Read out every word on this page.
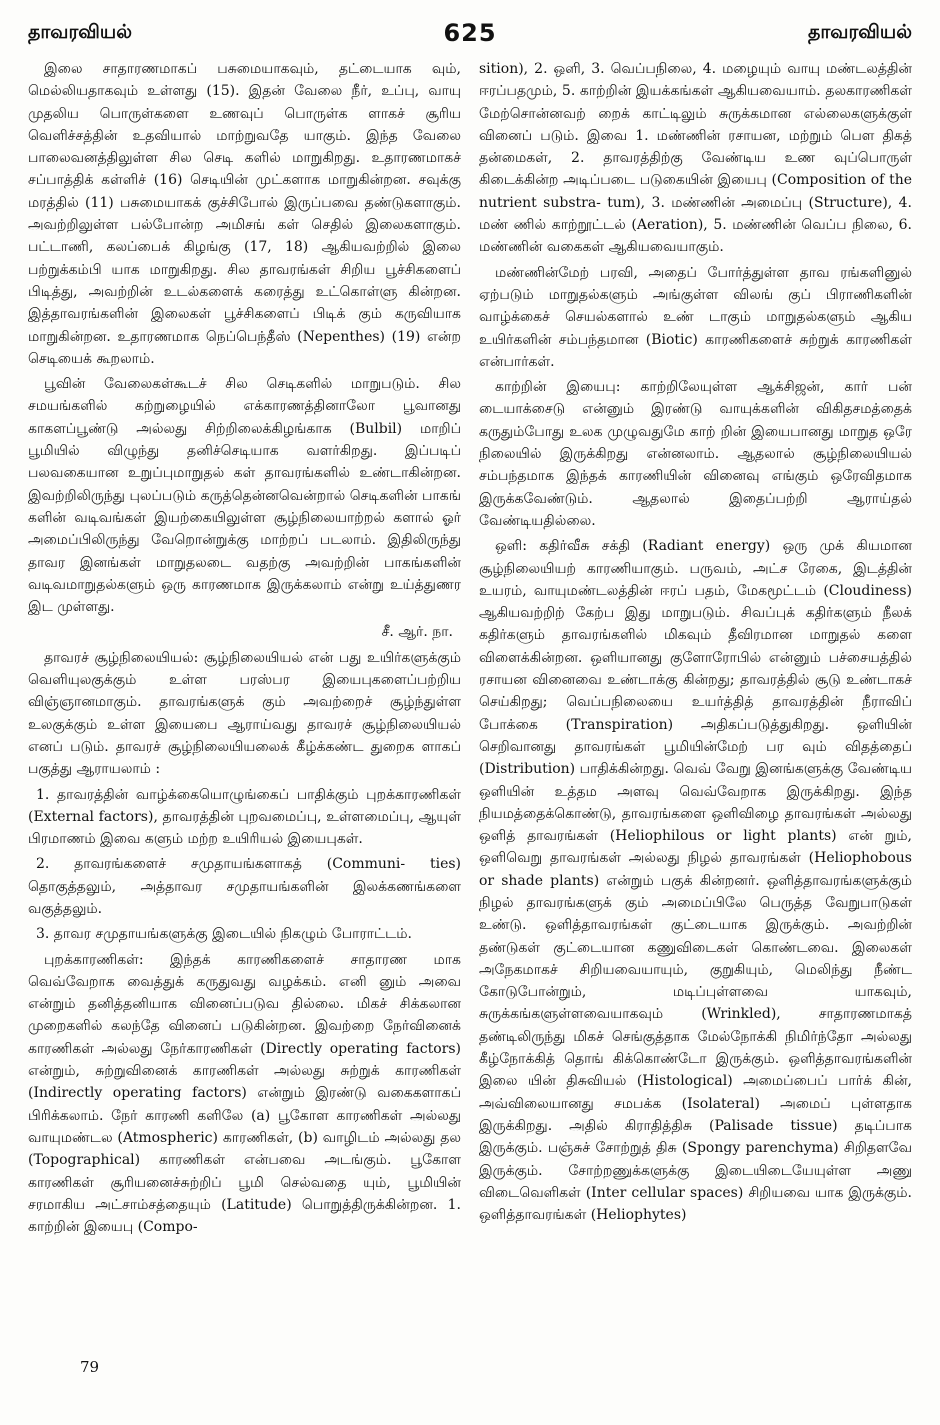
தாவரவியல்	625	தாவரவியல்

இலை சாதாரணமாகப் பசுமையாகவும், தட்டையாக வும், மெல்லியதாகவும் உள்ளது (15). இதன் வேலை நீர், உப்பு, வாயு முதலிய பொருள்களை உணவுப் பொருள்க ளாகச் சூரிய வெளிச்சத்தின் உதவியால் மாற்றுவதே யாகும். இந்த வேலை பாலைவனத்திலுள்ள சில செடி களில் மாறுகிறது. உதாரணமாகச் சப்பாத்திக் கள்ளிச் (16) செடியின் முட்களாக மாறுகின்றன. சவுக்கு மரத்தில் (11) பசுமையாகக் குச்சிபோல் இருப்பவை தண்டுகளாகும். அவற்றிலுள்ள பல்போன்ற அமிசங் கள் செதில் இலைகளாகும். பட்டாணி, கலப்பைக் கிழங்கு (17, 18) ஆகியவற்றில் இலை பற்றுக்கம்பி யாக மாறுகிறது. சில தாவரங்கள் சிறிய பூச்சிகளைப் பிடித்து, அவற்றின் உடல்களைக் கரைத்து உட்கொள்ளு கின்றன. இத்தாவரங்களின் இலைகள் பூச்சிகளைப் பிடிக் கும் கருவியாக மாறுகின்றன. உதாரணமாக நெப்பெந்தீஸ் (Nepenthes) (19) என்ற செடியைக் கூறலாம்.

பூவின் வேலைகள்கூடச் சில செடிகளில் மாறுபடும். சில சமயங்களில் கற்றுழையில் எக்காரணத்தினாலோ பூவானது காகளப்பூண்டு அல்லது சிற்றிலைக்கிழங்காக (Bulbil) மாறிப் பூமியில் விழுந்து தனிச்செடியாக வளர்கிறது. இப்படிப் பலவகையான உறுப்புமாறுதல் கள் தாவரங்களில் உண்டாகின்றன. இவற்றிலிருந்து புலப்படும் கருத்தென்னவென்றால் செடிகளின் பாகங் களின் வடிவங்கள் இயற்கையிலுள்ள சூழ்நிலையாற்றல் களால் ஓர் அமைப்பிலிருந்து வேறொன்றுக்கு மாற்றப் படலாம். இதிலிருந்து தாவர இனங்கள் மாறுதலடை வதற்கு அவற்றின் பாகங்களின் வடிவமாறுதல்களும் ஒரு காரணமாக இருக்கலாம் என்று உய்த்துணர இட முள்ளது.

சீ. ஆர். நா.

தாவரச் சூழ்நிலையியல்: சூழ்நிலையியல் என் பது உயிர்களுக்கும் வெளியுலகுக்கும் உள்ள பரஸ்பர இயைபுகளைப்பற்றிய விஞ்ஞானமாகும். தாவரங்களுக் கும் அவற்றைச் சூழ்ந்துள்ள உலகுக்கும் உள்ள இயைபை ஆராய்வது தாவரச் சூழ்நிலையியல் எனப் படும். தாவரச் சூழ்நிலையியலைக் கீழ்க்கண்ட துறைக ளாகப் பகுத்து ஆராயலாம் :

1. தாவரத்தின் வாழ்க்கையொழுங்கைப் பாதிக்கும் புறக்காரணிகள் (External factors), தாவரத்தின் புறவமைப்பு, உள்ளமைப்பு, ஆயுள் பிரமாணம் இவை களும் மற்ற உயிரியல் இயைபுகள்.

2. தாவரங்களைச் சமுதாயங்களாகத் (Communi- ties) தொகுத்தலும், அத்தாவர சமுதாயங்களின் இலக்கணங்களை வகுத்தலும்.

3. தாவர சமுதாயங்களுக்கு இடையில் நிகழும் போராட்டம்.

புறக்காரணிகள்: இந்தக் காரணிகளைச் சாதாரண மாக வெவ்வேறாக வைத்துக் கருதுவது வழக்கம். எனி னும் அவை என்றும் தனித்தனியாக வினைப்படுவ தில்லை. மிகச் சிக்கலான முறைகளில் கலந்தே வினைப் படுகின்றன. இவற்றை நேர்வினைக் காரணிகள் அல்லது நேர்காரணிகள் (Directly operating factors) என்றும், சுற்றுவினைக் காரணிகள் அல்லது சுற்றுக் காரணிகள் (Indirectly operating factors) என்றும் இரண்டு வகைகளாகப் பிரிக்கலாம். நேர் காரணி களிலே (a) பூகோள காரணிகள் அல்லது வாயுமண்டல (Atmospheric) காரணிகள், (b) வாழிடம் அல்லது தல (Topographical) காரணிகள் என்பவை அடங்கும். பூகோள காரணிகள் சூரியனைச்சுற்றிப் பூமி செல்வதை யும், பூமியின் சரமாகிய அட்சாம்சத்தையும் (Latitude) பொறுத்திருக்கின்றன. 1. காற்றின் இயைபு (Compo-

sition), 2. ஒளி, 3. வெப்பநிலை, 4. மழையும் வாயு மண்டலத்தின் ஈரப்பதமும், 5. காற்றின் இயக்கங்கள் ஆகியவையாம். தலகாரணிகள் மேற்சொன்னவற் றைக் காட்டிலும் சுருக்கமான எல்லைகளுக்குள் வினைப் படும். இவை 1. மண்ணின் ரசாயன, மற்றும் பௌ திகத் தன்மைகள், 2. தாவரத்திற்கு வேண்டிய உண வுப்பொருள் கிடைக்கின்ற அடிப்படை படுகையின் இயைபு (Composition of the nutrient substra- tum), 3. மண்ணின் அமைப்பு (Structure), 4. மண் ணில் காற்றூட்டல் (Aeration), 5. மண்ணின் வெப்ப நிலை, 6. மண்ணின் வகைகள் ஆகியவையாகும்.

மண்ணின்மேற் பரவி, அதைப் போர்த்துள்ள தாவ ரங்களினுல் ஏற்படும் மாறுதல்களும் அங்குள்ள விலங் குப் பிராணிகளின் வாழ்க்கைச் செயல்களால் உண் டாகும் மாறுதல்களும் ஆகிய உயிர்களின் சம்பந்தமான (Biotic) காரணிகளைச் சுற்றுக் காரணிகள் என்பார்கள்.

காற்றின் இயைபு: காற்றிலேயுள்ள ஆக்சிஜன், கார் பன் டையாக்சைடு என்னும் இரண்டு வாயுக்களின் விகிதசமத்தைக் கருதும்போது உலக முழுவதுமே காற் றின் இயைபானது மாறுத ஒரே நிலையில் இருக்கிறது என்னலாம். ஆதலால் சூழ்நிலையியல் சம்பந்தமாக இந்தக் காரணியின் வினைவு எங்கும் ஒரேவிதமாக இருக்கவேண்டும். ஆதலால் இதைப்பற்றி ஆராய்தல் வேண்டியதில்லை.

ஒளி: கதிர்வீசு சக்தி (Radiant energy) ஒரு முக் கியமான சூழ்நிலையியற் காரணியாகும். பருவம், அட்ச ரேகை, இடத்தின் உயரம், வாயுமண்டலத்தின் ஈரப் பதம், மேகமூட்டம் (Cloudiness) ஆகியவற்றிற் கேற்ப இது மாறுபடும். சிவப்புக் கதிர்களும் நீலக் கதிர்களும் தாவரங்களில் மிகவும் தீவிரமான மாறுதல் களை விளைக்கின்றன. ஒளியானது குளோரோபில் என்னும் பச்சையத்தில் ரசாயன வினைவை உண்டாக்கு கின்றது; தாவரத்தில் சூடு உண்டாகச் செய்கிறது; வெப்பநிலையை உயர்த்தித் தாவரத்தின் நீராவிப் போக்கை (Transpiration) அதிகப்படுத்துகிறது. ஒளியின் செறிவானது தாவரங்கள் பூமியின்மேற் பர வும் விதத்தைப் (Distribution) பாதிக்கின்றது. வெவ் வேறு இனங்களுக்கு வேண்டிய ஒளியின் உத்தம அளவு வெவ்வேறாக இருக்கிறது. இந்த நியமத்தைக்கொண்டு, தாவரங்களை ஒளிவிழை தாவரங்கள் அல்லது ஒளித் தாவரங்கள் (Heliophilous or light plants) என் றும், ஒளிவெறு தாவரங்கள் அல்லது நிழல் தாவரங்கள் (Heliophobous or shade plants) என்றும் பகுக் கின்றனர். ஒளித்தாவரங்களுக்கும் நிழல் தாவரங்களுக் கும் அமைப்பிலே பெருத்த வேறுபாடுகள் உண்டு. ஒளித்தாவரங்கள் குட்டையாக இருக்கும். அவற்றின் தண்டுகள் குட்டையான கணுவிடைகள் கொண்டவை. இலைகள் அநேகமாகச் சிறியவையாயும், குறுகியும், மெலிந்து நீண்ட கோடுபோன்றும், மடிப்புள்ளவை யாகவும், சுருக்கங்களுள்ளவையாகவும் (Wrinkled), சாதாரணமாகத் தண்டிலிருந்து மிகச் செங்குத்தாக மேல்நோக்கி நிமிர்ந்தோ அல்லது கீழ்நோக்கித் தொங் கிக்கொண்டோ இருக்கும். ஒளித்தாவரங்களின் இலை யின் திசுவியல் (Histological) அமைப்பைப் பார்க் கின், அவ்விலையானது சமபக்க (Isolateral) அமைப் புள்ளதாக இருக்கிறது. அதில் கிராதித்திசு (Palisade tissue) தடிப்பாக இருக்கும். பஞ்சுச் சோற்றுத் திசு (Spongy parenchyma) சிறிதளவே இருக்கும். சோற்றணுக்களுக்கு இடையிடையேயுள்ள அணு விடைவெளிகள் (Inter cellular spaces) சிறியவை யாக இருக்கும். ஒளித்தாவரங்கள் (Heliophytes)

79
